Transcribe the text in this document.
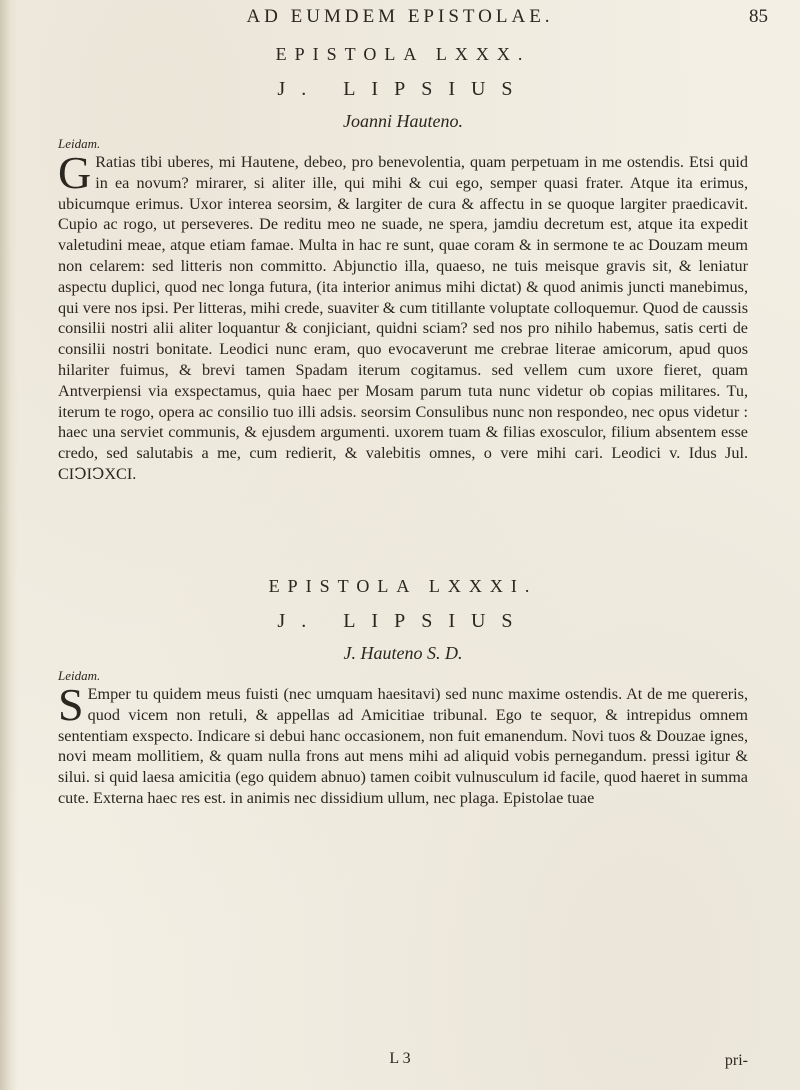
AD EUMDEM EPISTOLAE.	85

EPISTOLA LXXX.

J. LIPSIUS

Joanni Hauteno.

Leidam.

G Ratias tibi uberes, mi Hautene, debeo, pro benevolentia, quam perpetuam in me ostendis. Etsi quid in ea novum? mirarer, si aliter ille, qui mihi & cui ego, semper quasi frater. Atque ita erimus, ubicumque erimus. Uxor interea seorsim, & largiter de cura & affectu in se quoque largiter praedicavit. Cupio ac rogo, ut perseveres. De reditu meo ne suade, ne spera, jamdiu decretum est, atque ita expedit valetudini meae, atque etiam famae. Multa in hac re sunt, quae coram & in sermone te ac Douzam meum non celarem: sed litteris non committo. Abjunctio illa, quaeso, ne tuis meisque gravis sit, & leniatur aspectu duplici, quod nec longa futura, (ita interior animus mihi dictat) & quod animis juncti manebimus, qui vere nos ipsi. Per litteras, mihi crede, suaviter & cum titillante voluptate colloquemur. Quod de caussis consilii nostri alii aliter loquantur & conjiciant, quidni sciam? sed nos pro nihilo habemus, satis certi de consilii nostri bonitate. Leodici nunc eram, quo evocaverunt me crebrae literae amicorum, apud quos hilariter fuimus, & brevi tamen Spadam iterum cogitamus. sed vellem cum uxore fieret, quam Antverpiensi via exspectamus, quia haec per Mosam parum tuta nunc videtur ob copias militares. Tu, iterum te rogo, opera ac consilio tuo illi adsis. seorsim Consulibus nunc non respondeo, nec opus videtur : haec una serviet communis, & ejusdem argumenti. uxorem tuam & filias exosculor, filium absentem esse credo, sed salutabis a me, cum redierit, & valebitis omnes, o vere mihi cari. Leodici v. Idus Jul. CIↃIↃXCI.

EPISTOLA LXXXI.

J. LIPSIUS

J. Hauteno S. D.

Leidam.

S Emper tu quidem meus fuisti (nec umquam haesitavi) sed nunc maxime ostendis. At de me quereris, quod vicem non retuli, & appellas ad Amicitiae tribunal. Ego te sequor, & intrepidus omnem sententiam exspecto. Indicare si debui hanc occasionem, non fuit emanendum. Novi tuos & Douzae ignes, novi meam mollitiem, & quam nulla frons aut mens mihi ad aliquid vobis pernegandum. pressi igitur & silui. si quid laesa amicitia (ego quidem abnuo) tamen coibit vulnusculum id facile, quod haeret in summa cute. Externa haec res est. in animis nec dissidium ullum, nec plaga. Epistolae tuae

L 3	pri-
